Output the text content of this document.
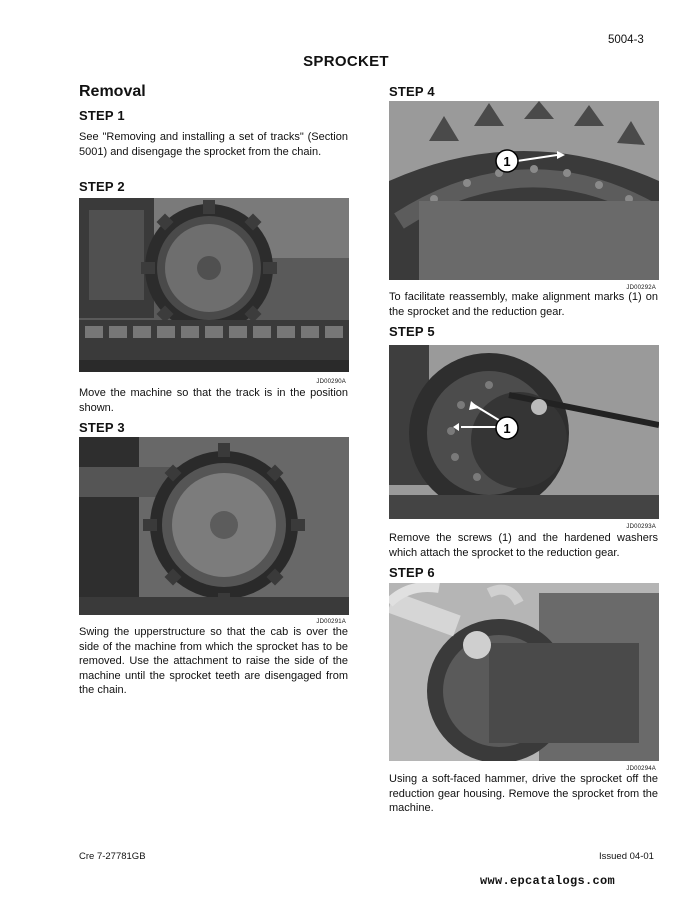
5004-3
SPROCKET
Removal
STEP 1
See "Removing and installing a set of tracks" (Section 5001) and disengage the sprocket from the chain.
STEP 2
JD00290A
Move the machine so that the track is in the position shown.
STEP 3
JD00291A
Swing the upperstructure so that the cab is over the side of the machine from which the sprocket has to be removed. Use the attachment to raise the side of the machine until the sprocket teeth are disengaged from the chain.
STEP 4
1
JD00292A
To facilitate reassembly, make alignment marks (1) on the sprocket and the reduction gear.
STEP 5
1
JD00293A
Remove the screws (1) and the hardened washers which attach the sprocket to the reduction gear.
STEP 6
JD00294A
Using a soft-faced hammer, drive the sprocket off the reduction gear housing. Remove the sprocket from the machine.
Cre 7-27781GB	Issued 04-01
www.epcatalogs.com
